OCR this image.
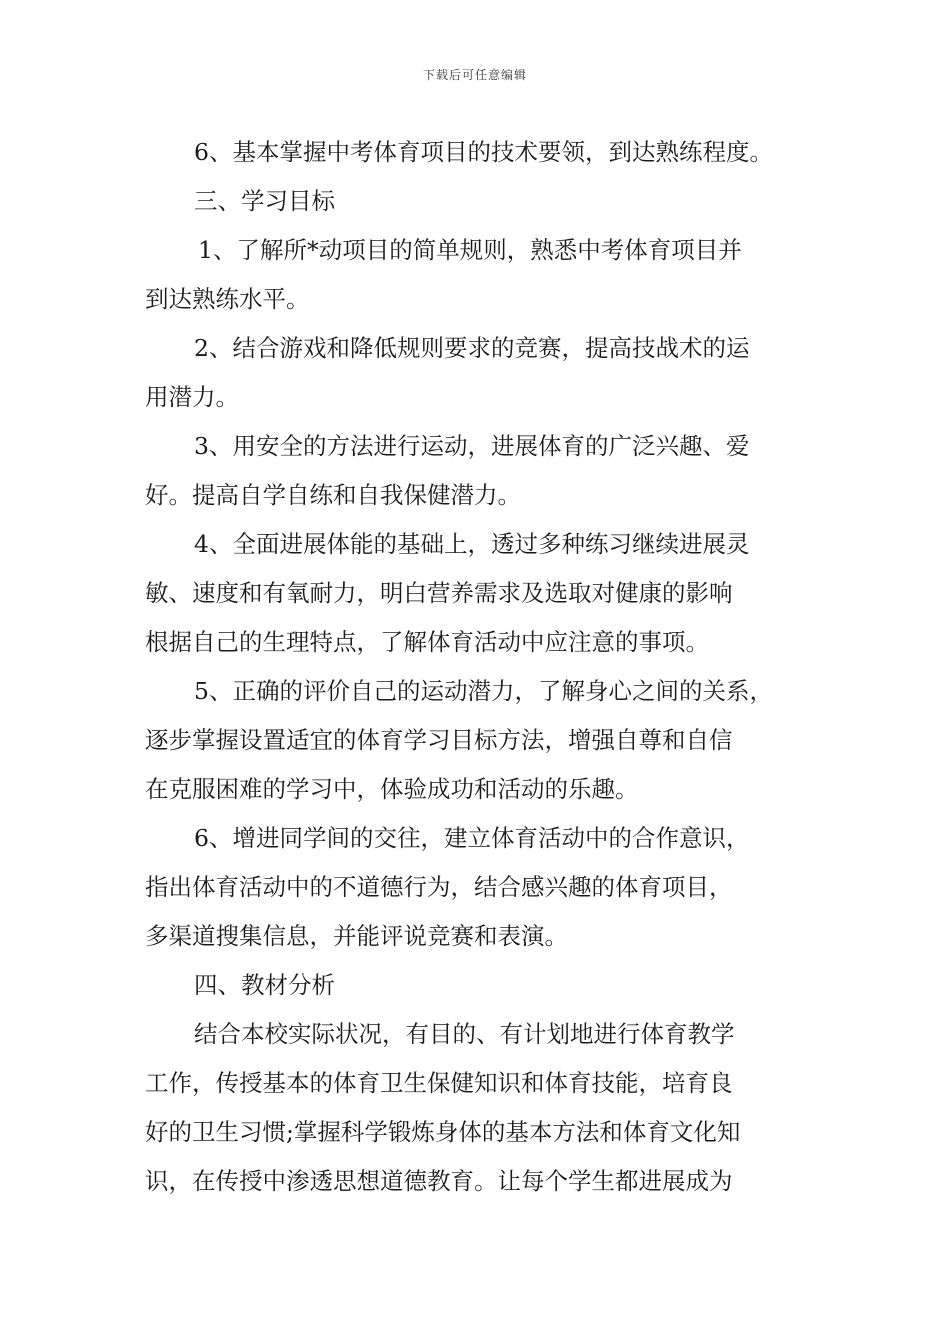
下载后可任意编辑
6、基本掌握中考体育项目的技术要领，到达熟练程度。
三、学习目标
1、了解所*动项目的简单规则，熟悉中考体育项目并
到达熟练水平。
2、结合游戏和降低规则要求的竞赛，提高技战术的运
用潜力。
3、用安全的方法进行运动，进展体育的广泛兴趣、爱
好。提高自学自练和自我保健潜力。
4、全面进展体能的基础上，透过多种练习继续进展灵
敏、速度和有氧耐力，明白营养需求及选取对健康的影响
根据自己的生理特点，了解体育活动中应注意的事项。
5、正确的评价自己的运动潜力，了解身心之间的关系，
逐步掌握设置适宜的体育学习目标方法，增强自尊和自信
在克服困难的学习中，体验成功和活动的乐趣。
6、增进同学间的交往，建立体育活动中的合作意识，
指出体育活动中的不道德行为，结合感兴趣的体育项目，
多渠道搜集信息，并能评说竞赛和表演。
四、教材分析
结合本校实际状况，有目的、有计划地进行体育教学
工作，传授基本的体育卫生保健知识和体育技能，培育良
好的卫生习惯;掌握科学锻炼身体的基本方法和体育文化知
识，在传授中渗透思想道德教育。让每个学生都进展成为
